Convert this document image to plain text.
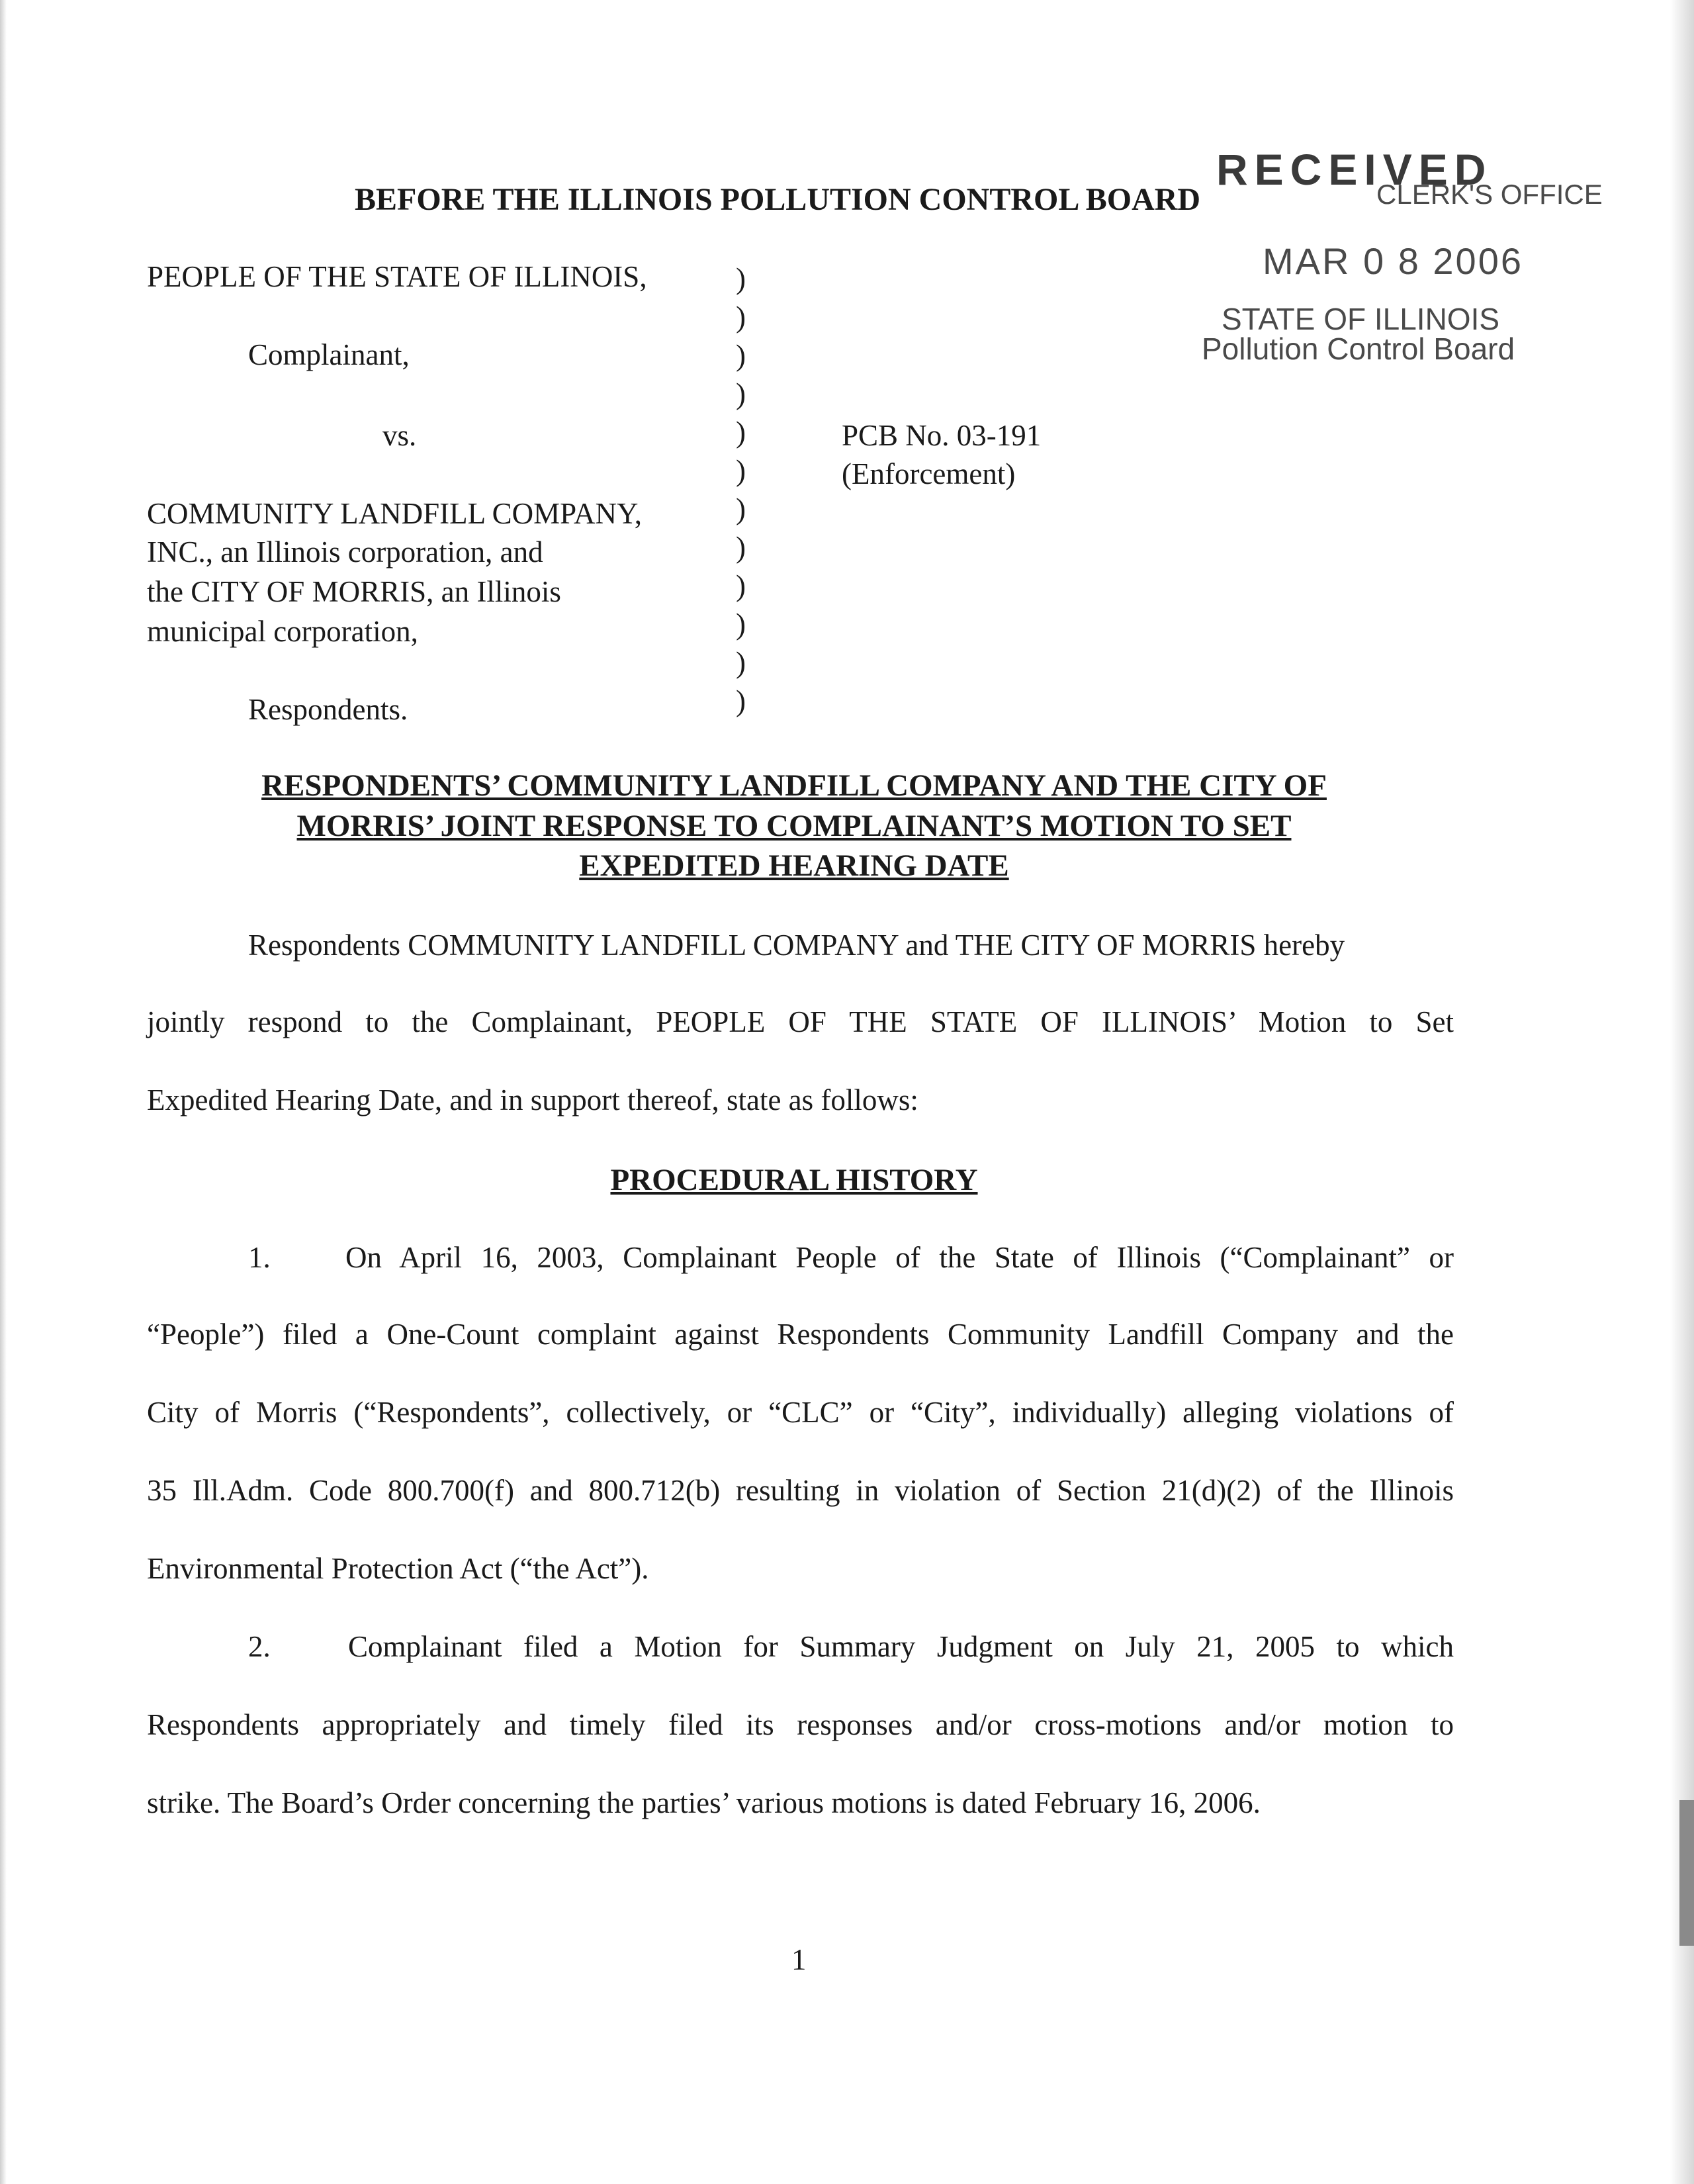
RECEIVED
CLERK'S OFFICE
MAR 0 8 2006
STATE OF ILLINOIS
Pollution Control Board
BEFORE THE ILLINOIS POLLUTION CONTROL BOARD
PEOPLE OF THE STATE OF ILLINOIS,
Complainant,
vs.
COMMUNITY LANDFILL COMPANY,
INC., an Illinois corporation, and
the CITY OF MORRIS, an Illinois
municipal corporation,
Respondents.
)
)
)
)
)
)
)
)
)
)
)
)
PCB No. 03-191
(Enforcement)
RESPONDENTS’ COMMUNITY LANDFILL COMPANY AND THE CITY OF
MORRIS’ JOINT RESPONSE TO COMPLAINANT’S MOTION TO SET
EXPEDITED HEARING DATE
Respondents COMMUNITY LANDFILL COMPANY and THE CITY OF MORRIS hereby
jointly respond to the Complainant, PEOPLE OF THE STATE OF ILLINOIS’ Motion to Set
Expedited Hearing Date, and in support thereof, state as follows:
PROCEDURAL HISTORY
1.	On April 16, 2003, Complainant People of the State of Illinois (“Complainant” or
“People”) filed a One-Count complaint against Respondents Community Landfill Company and the
City of Morris (“Respondents”, collectively, or “CLC” or “City”, individually) alleging violations of
35 Ill.Adm. Code 800.700(f) and 800.712(b) resulting in violation of Section 21(d)(2) of the Illinois
Environmental Protection Act (“the Act”).
2.	Complainant filed a Motion for Summary Judgment on July 21, 2005 to which
Respondents appropriately and timely filed its responses and/or cross-motions and/or motion to
strike. The Board’s Order concerning the parties’ various motions is dated February 16, 2006.
1
